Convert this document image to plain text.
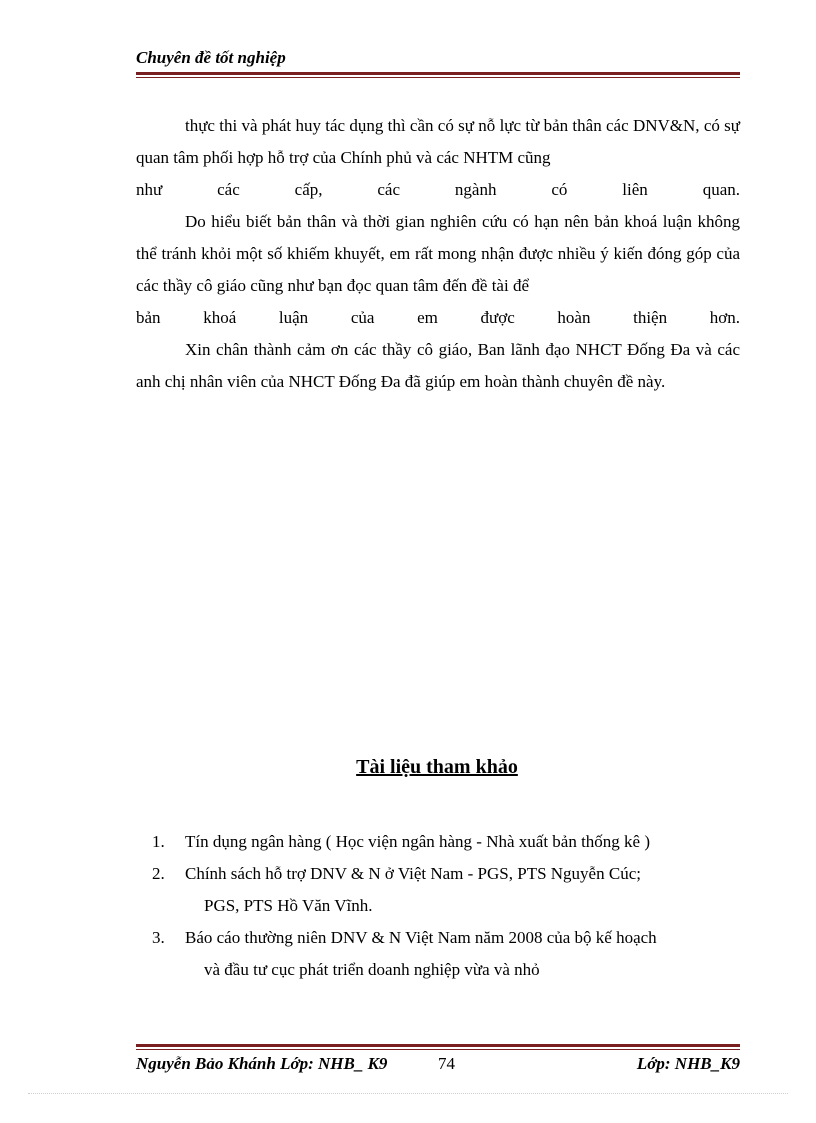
Chuyên đề tốt nghiệp

thực thi và phát huy tác dụng thì cần có sự nỗ lực từ bản thân các DNV&N, có sự quan tâm phối hợp hỗ trợ của Chính phủ và các NHTM cũng

như các cấp, các ngành có liên quan.

Do hiểu biết bản thân và thời gian nghiên cứu có hạn nên bản khoá luận không thể tránh khỏi một số khiếm khuyết, em rất mong nhận được nhiều ý kiến đóng góp của các thầy cô giáo cũng như bạn đọc quan tâm đến đề tài để

bản khoá luận của em được hoàn thiện hơn.

Xin chân thành cảm ơn các thầy cô giáo, Ban lãnh đạo NHCT Đống Đa và các anh chị nhân viên của NHCT Đống Đa đã giúp em hoàn thành chuyên đề này.

Tài liệu tham khảo
1. Tín dụng ngân hàng ( Học viện ngân hàng - Nhà xuất bản thống kê )
2. Chính sách hỗ trợ DNV & N ở Việt Nam - PGS, PTS Nguyễn Cúc;
PGS, PTS Hồ Văn Vĩnh.
3. Báo cáo thường niên DNV & N Việt Nam năm 2008 của bộ kế hoạch
và đầu tư cục phát triển doanh nghiệp vừa và nhỏ
Nguyễn Bảo Khánh Lớp: NHB_ K9	74	Lớp: NHB_K9
